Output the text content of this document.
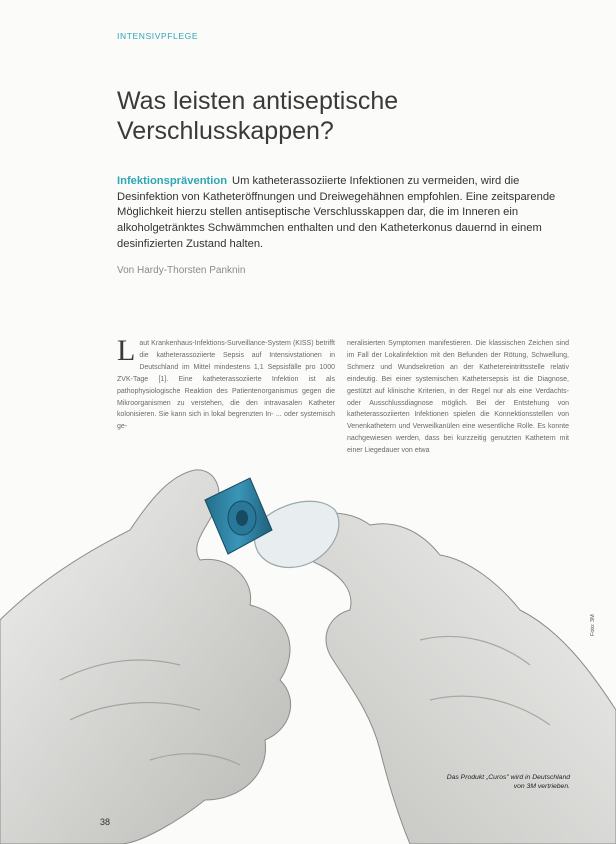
INTENSIVPFLEGE
Was leisten antiseptische
Verschlusskappen?

Infektionsprävention Um katheterassoziierte Infektionen zu vermeiden, wird die Desinfektion von Katheteröffnungen und Dreiwegehähnen empfohlen. Eine zeitsparende Möglichkeit hierzu stellen antiseptische Verschlusskappen dar, die im Inneren ein alkoholgetränktes Schwämmchen enthalten und den Katheterkonus dauernd in einem desinfizierten Zustand halten.

Von Hardy-Thorsten Panknin

Laut Krankenhaus-Infektions-Surveillance-System (KISS) betrifft die katheterassoziierte Sepsis auf Intensivstationen in Deutschland im Mittel mindestens 1,1 Sepsisfälle pro 1000 ZVK-Tage [1]. Eine katheterassoziierte Infektion ist als pathophysiologische Reaktion des Patientenorganismus gegen die Mikroorganismen zu verstehen, die den intravasalen Katheter kolonisieren. Sie kann sich in lokal begrenzten In- ... oder systemisch ge-

neralisierten Symptomen manifestieren. Die klassischen Zeichen sind im Fall der Lokalinfektion mit den Befunden der Rötung, Schwellung, Schmerz und Wundsekretion an der Kathetereintrittsstelle relativ eindeutig. Bei einer systemischen Kathetersepsis ist die Diagnose, gestützt auf klinische Kriterien, in der Regel nur als eine Verdachts- oder Ausschlussdiagnose möglich. Bei der Entstehung von katheterassoziierten Infektionen spielen die Konnektionsstellen von Venenkathetern und Verweilkanülen eine wesentliche Rolle. Es konnte nachgewiesen werden, dass bei kurzzeitig genutzten Kathetern mit einer Liegedauer von etwa

Foto: 3M
Das Produkt „Curos" wird in Deutschland von 3M vertrieben.
38
